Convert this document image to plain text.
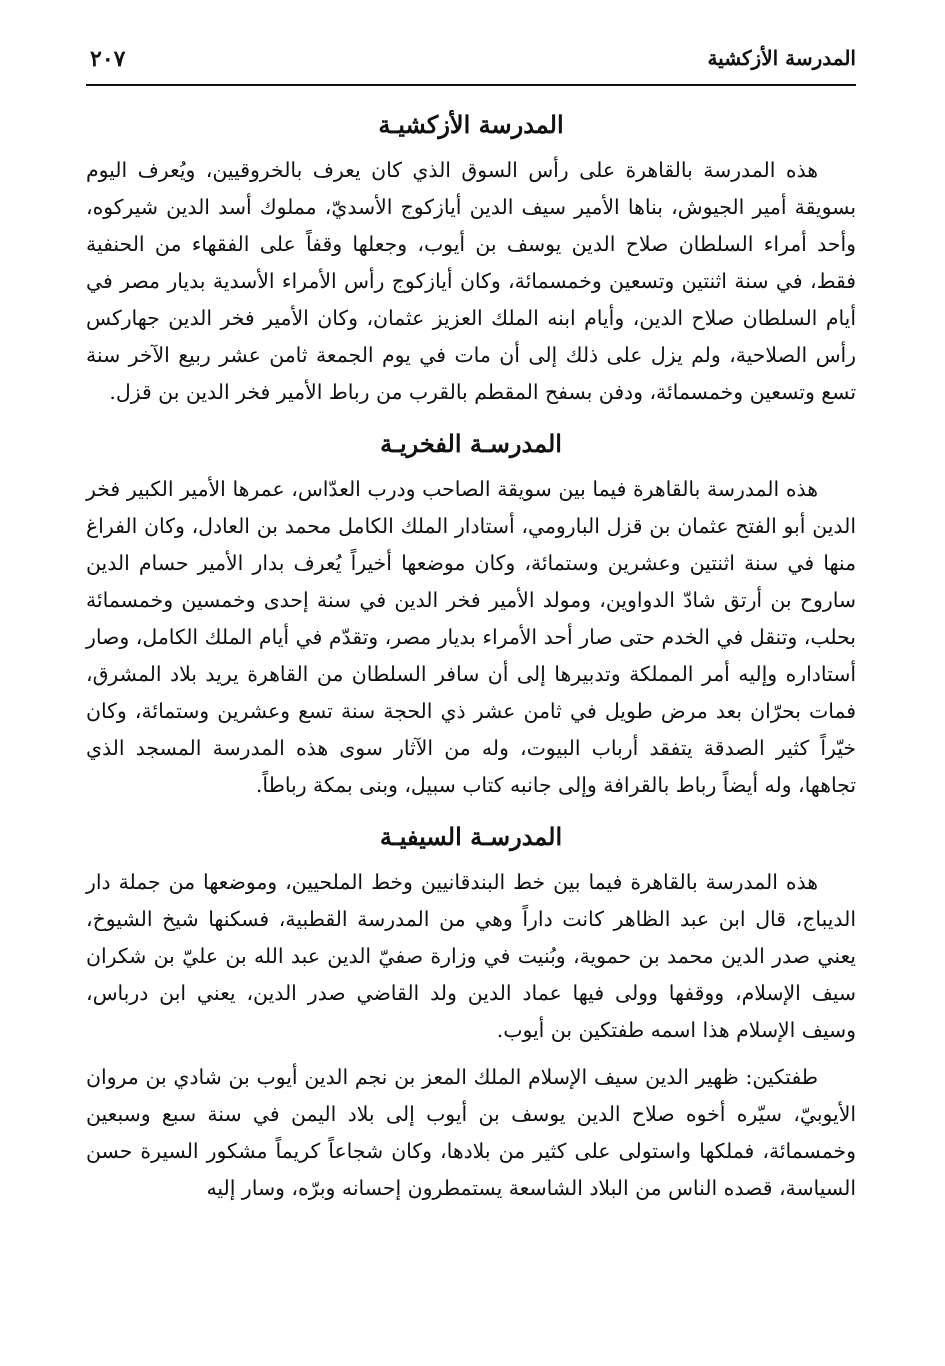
المدرسة الأزكشية
٢٠٧
المدرسة الأزكشيـة

هذه المدرسة بالقاهرة على رأس السوق الذي كان يعرف بالخروقيين، ويُعرف اليوم بسويقة أمير الجيوش، بناها الأمير سيف الدين أيازكوج الأسديّ، مملوك أسد الدين شيركوه، وأحد أمراء السلطان صلاح الدين يوسف بن أيوب، وجعلها وقفاً على الفقهاء من الحنفية فقط، في سنة اثنتين وتسعين وخمسمائة، وكان أيازكوج رأس الأمراء الأسدية بديار مصر في أيام السلطان صلاح الدين، وأيام ابنه الملك العزيز عثمان، وكان الأمير فخر الدين جهاركس رأس الصلاحية، ولم يزل على ذلك إلى أن مات في يوم الجمعة ثامن عشر ربيع الآخر سنة تسع وتسعين وخمسمائة، ودفن بسفح المقطم بالقرب من رباط الأمير فخر الدين بن قزل.

المدرسـة الفخريـة

هذه المدرسة بالقاهرة فيما بين سويقة الصاحب ودرب العدّاس، عمرها الأمير الكبير فخر الدين أبو الفتح عثمان بن قزل البارومي، أستادار الملك الكامل محمد بن العادل، وكان الفراغ منها في سنة اثنتين وعشرين وستمائة، وكان موضعها أخيراً يُعرف بدار الأمير حسام الدين ساروح بن أرتق شادّ الدواوين، ومولد الأمير فخر الدين في سنة إحدى وخمسين وخمسمائة بحلب، وتنقل في الخدم حتى صار أحد الأمراء بديار مصر، وتقدّم في أيام الملك الكامل، وصار أستاداره وإليه أمر المملكة وتدبيرها إلى أن سافر السلطان من القاهرة يريد بلاد المشرق، فمات بحرّان بعد مرض طويل في ثامن عشر ذي الحجة سنة تسع وعشرين وستمائة، وكان خيّراً كثير الصدقة يتفقد أرباب البيوت، وله من الآثار سوى هذه المدرسة المسجد الذي تجاهها، وله أيضاً رباط بالقرافة وإلى جانبه كتاب سبيل، وبنى بمكة رباطاً.

المدرسـة السيفيـة

هذه المدرسة بالقاهرة فيما بين خط البندقانيين وخط الملحيين، وموضعها من جملة دار الديباج، قال ابن عبد الظاهر كانت داراً وهي من المدرسة القطبية، فسكنها شيخ الشيوخ، يعني صدر الدين محمد بن حموية، وبُنيت في وزارة صفيّ الدين عبد الله بن عليّ بن شكران سيف الإسلام، ووقفها وولى فيها عماد الدين ولد القاضي صدر الدين، يعني ابن درباس، وسيف الإسلام هذا اسمه طفتكين بن أيوب.

طفتكين: ظهير الدين سيف الإسلام الملك المعز بن نجم الدين أيوب بن شادي بن مروان الأيوبيّ، سيّره أخوه صلاح الدين يوسف بن أيوب إلى بلاد اليمن في سنة سبع وسبعين وخمسمائة، فملكها واستولى على كثير من بلادها، وكان شجاعاً كريماً مشكور السيرة حسن السياسة، قصده الناس من البلاد الشاسعة يستمطرون إحسانه وبرّه، وسار إليه
